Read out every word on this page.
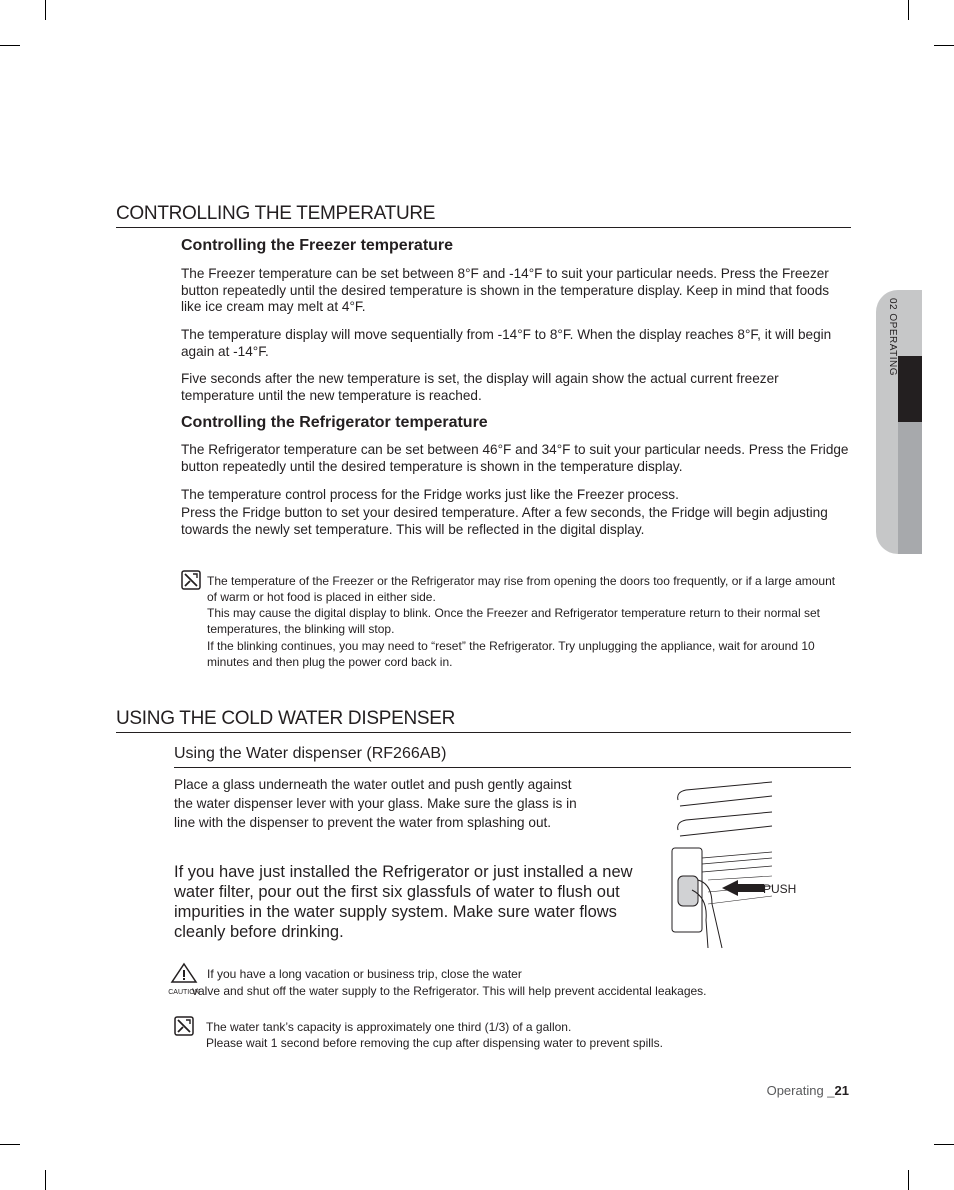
02 OPERATING
CONTROLLING THE TEMPERATURE
Controlling the Freezer temperature

The Freezer temperature can be set between 8°F and -14°F to suit your particular needs. Press the Freezer button repeatedly until the desired temperature is shown in the temperature display. Keep in mind that foods like ice cream may melt at 4°F.

The temperature display will move sequentially from -14°F to 8°F. When the display reaches 8°F, it will begin again at -14°F.

Five seconds after the new temperature is set, the display will again show the actual current freezer temperature until the new temperature is reached.

Controlling the Refrigerator temperature

The Refrigerator temperature can be set between 46°F and 34°F to suit your particular needs. Press the Fridge button repeatedly until the desired temperature is shown in the temperature display.

The temperature control process for the Fridge works just like the Freezer process.

Press the Fridge button to set your desired temperature. After a few seconds, the Fridge will begin adjusting towards the newly set temperature. This will be reflected in the digital display.

The temperature of the Freezer or the Refrigerator may rise from opening the doors too frequently, or if a large amount of warm or hot food is placed in either side.

This may cause the digital display to blink. Once the Freezer and Refrigerator temperature return to their normal set temperatures, the blinking will stop.

If the blinking continues, you may need to “reset” the Refrigerator. Try unplugging the appliance, wait for around 10 minutes and then plug the power cord back in.

USING THE COLD WATER DISPENSER
Using the Water dispenser (RF266AB)

Place a glass underneath the water outlet and push gently against the water dispenser lever with your glass. Make sure the glass is in line with the dispenser to prevent the water from splashing out.

If you have just installed the Refrigerator or just installed a new water filter, pour out the first six glassfuls of water to flush out impurities in the water supply system. Make sure water flows cleanly before drinking.

PUSH
CAUTION

If you have a long vacation or business trip, close the water

valve and shut off the water supply to the Refrigerator. This will help prevent accidental leakages.

The water tank’s capacity is approximately one third (1/3) of a gallon.

Please wait 1 second before removing the cup after dispensing water to prevent spills.

Operating _21
